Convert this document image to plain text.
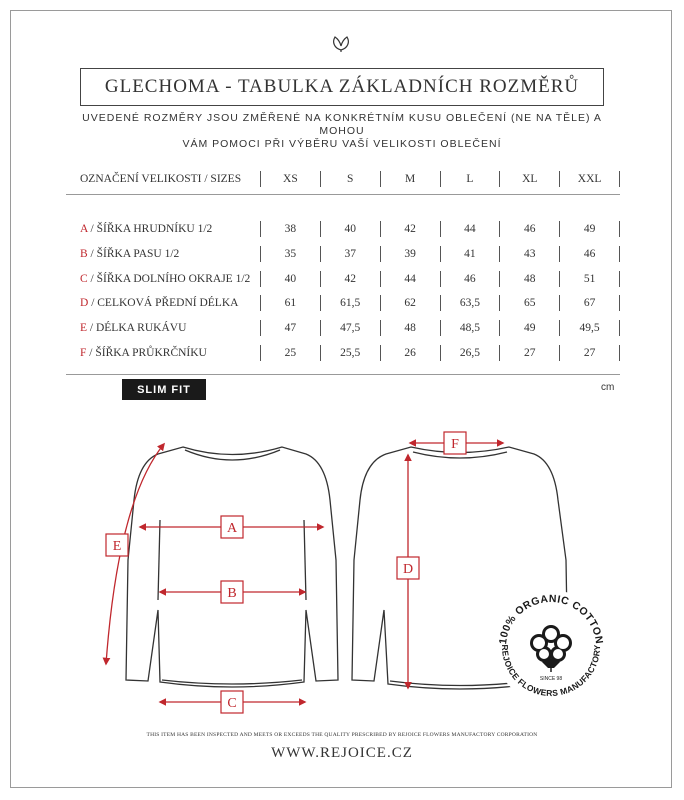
GLECHOMA - TABULKA ZÁKLADNÍCH ROZMĚRŮ
UVEDENÉ ROZMĚRY JSOU ZMĚŘENÉ NA KONKRÉTNÍM KUSU OBLEČENÍ (NE NA TĚLE) A MOHOU
VÁM POMOCI PŘI VÝBĚRU VAŠÍ VELIKOSTI OBLEČENÍ
OZNAČENÍ VELIKOSTI / SIZES	XS	S	M	L	XL	XXL
A / ŠÍŘKA HRUDNÍKU 1/2	38	40	42	44	46	49
B / ŠÍŘKA PASU 1/2	35	37	39	41	43	46
C / ŠÍŘKA DOLNÍHO OKRAJE 1/2	40	42	44	46	48	51
D / CELKOVÁ PŘEDNÍ DÉLKA	61	61,5	62	63,5	65	67
E / DÉLKA RUKÁVU	47	47,5	48	48,5	49	49,5
F / ŠÍŘKA PRŮKRČNÍKU	25	25,5	26	26,5	27	27
SLIM FIT	cm
E
A
B
C
F
D
100% ORGANIC COTTON
REJOICE FLOWERS MANUFACTORY
SINCE 98
THIS ITEM HAS BEEN INSPECTED AND MEETS OR EXCEEDS THE QUALITY PRESCRIBED BY REJOICE FLOWERS MANUFACTORY CORPORATION
WWW.REJOICE.CZ
